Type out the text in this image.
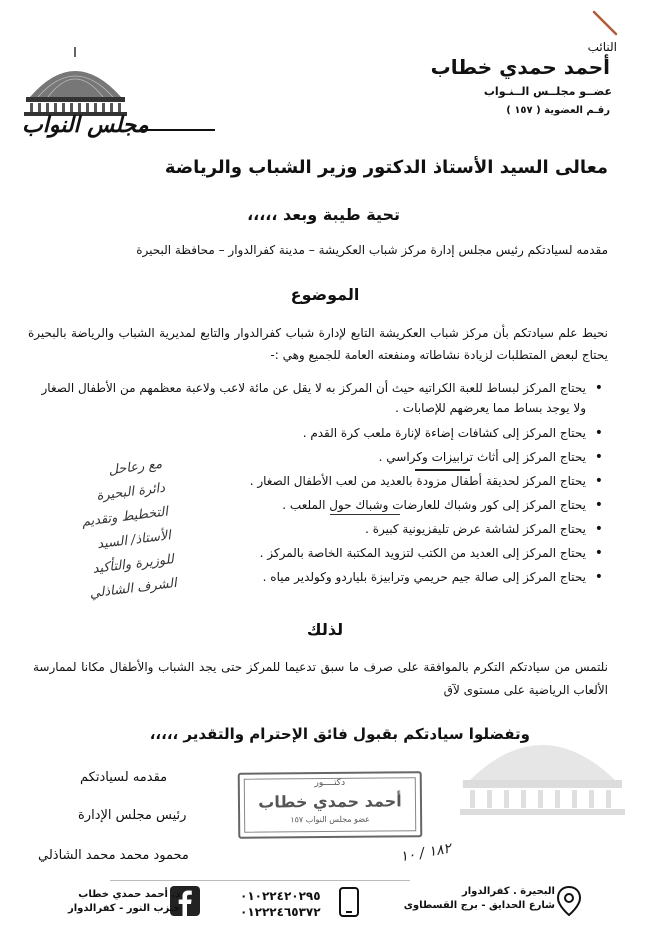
النائب
أحمد حمدي خطاب
عضــو مجلــس الــنـواب
رقـم العضوية ( ١٥٧ )
مجلس النواب
معالى السيد الأستاذ الدكتور وزير الشباب والرياضة
تحية طيبة وبعد ،،،،،
مقدمه لسيادتكم رئيس مجلس إدارة مركز شباب العكريشة – مدينة كفرالدوار – محافظة البحيرة
الموضوع
نحيط علم سيادتكم بأن مركز شباب العكريشة التابع لإدارة شباب كفرالدوار والتابع لمديرية الشباب والرياضة بالبحيرة يحتاج لبعض المتطلبات لزيادة نشاطاته ومنفعته العامة للجميع وهي :-
• يحتاج المركز لبساط للعبة الكراتيه حيث أن المركز به لا يقل عن مائة لاعب ولاعبة معظمهم من الأطفال الصغار ولا يوجد بساط مما يعرضهم للإصابات .
• يحتاج المركز إلى كشافات إضاءة لإنارة ملعب كرة القدم .
• يحتاج المركز إلى أثاث ترابيزات وكراسي .
• يحتاج المركز لحديقة أطفال مزودة بالعديد من لعب الأطفال الصغار .
• يحتاج المركز إلى كور وشباك للعارضات وشباك حول الملعب .
• يحتاج المركز لشاشة عرض تليفزيونية كبيرة .
• يحتاج المركز إلى العديد من الكتب لتزويد المكتبة الخاصة بالمركز .
• يحتاج المركز إلى صالة جيم حريمي وترابيزة بلياردو وكولدير مياه .
لذلك
نلتمس من سيادتكم التكرم بالموافقة على صرف ما سبق تدعيما للمركز حتى يجد الشباب والأطفال مكانا لممارسة الألعاب الرياضية على مستوى لآق
وتفضلوا سيادتكم بقبول فائق الإحترام والتقدير ،،،،،
مع رعاحل
دائرة البحيرة
التخطيط وتقديم
الأستاذ/ السيد
للوزيرة والتأكيد
الشرف الشاذلي
مقدمه لسيادتكم
رئيس مجلس الإدارة
محمود محمد محمد الشاذلي
دكتــــور
أحمد حمدي خطاب
عضو مجلس النواب ١٥٧
١٨٢ / ١٠
البحيرة . كفرالدوار
شارع الحدايق - برج القسطاوى
٠١٠٢٢٤٢٠٢٩٥
٠١٢٢٢٤٦٥٣٧٢
د. أحمد حمدي خطاب
حـزب النور - كفرالدوار
